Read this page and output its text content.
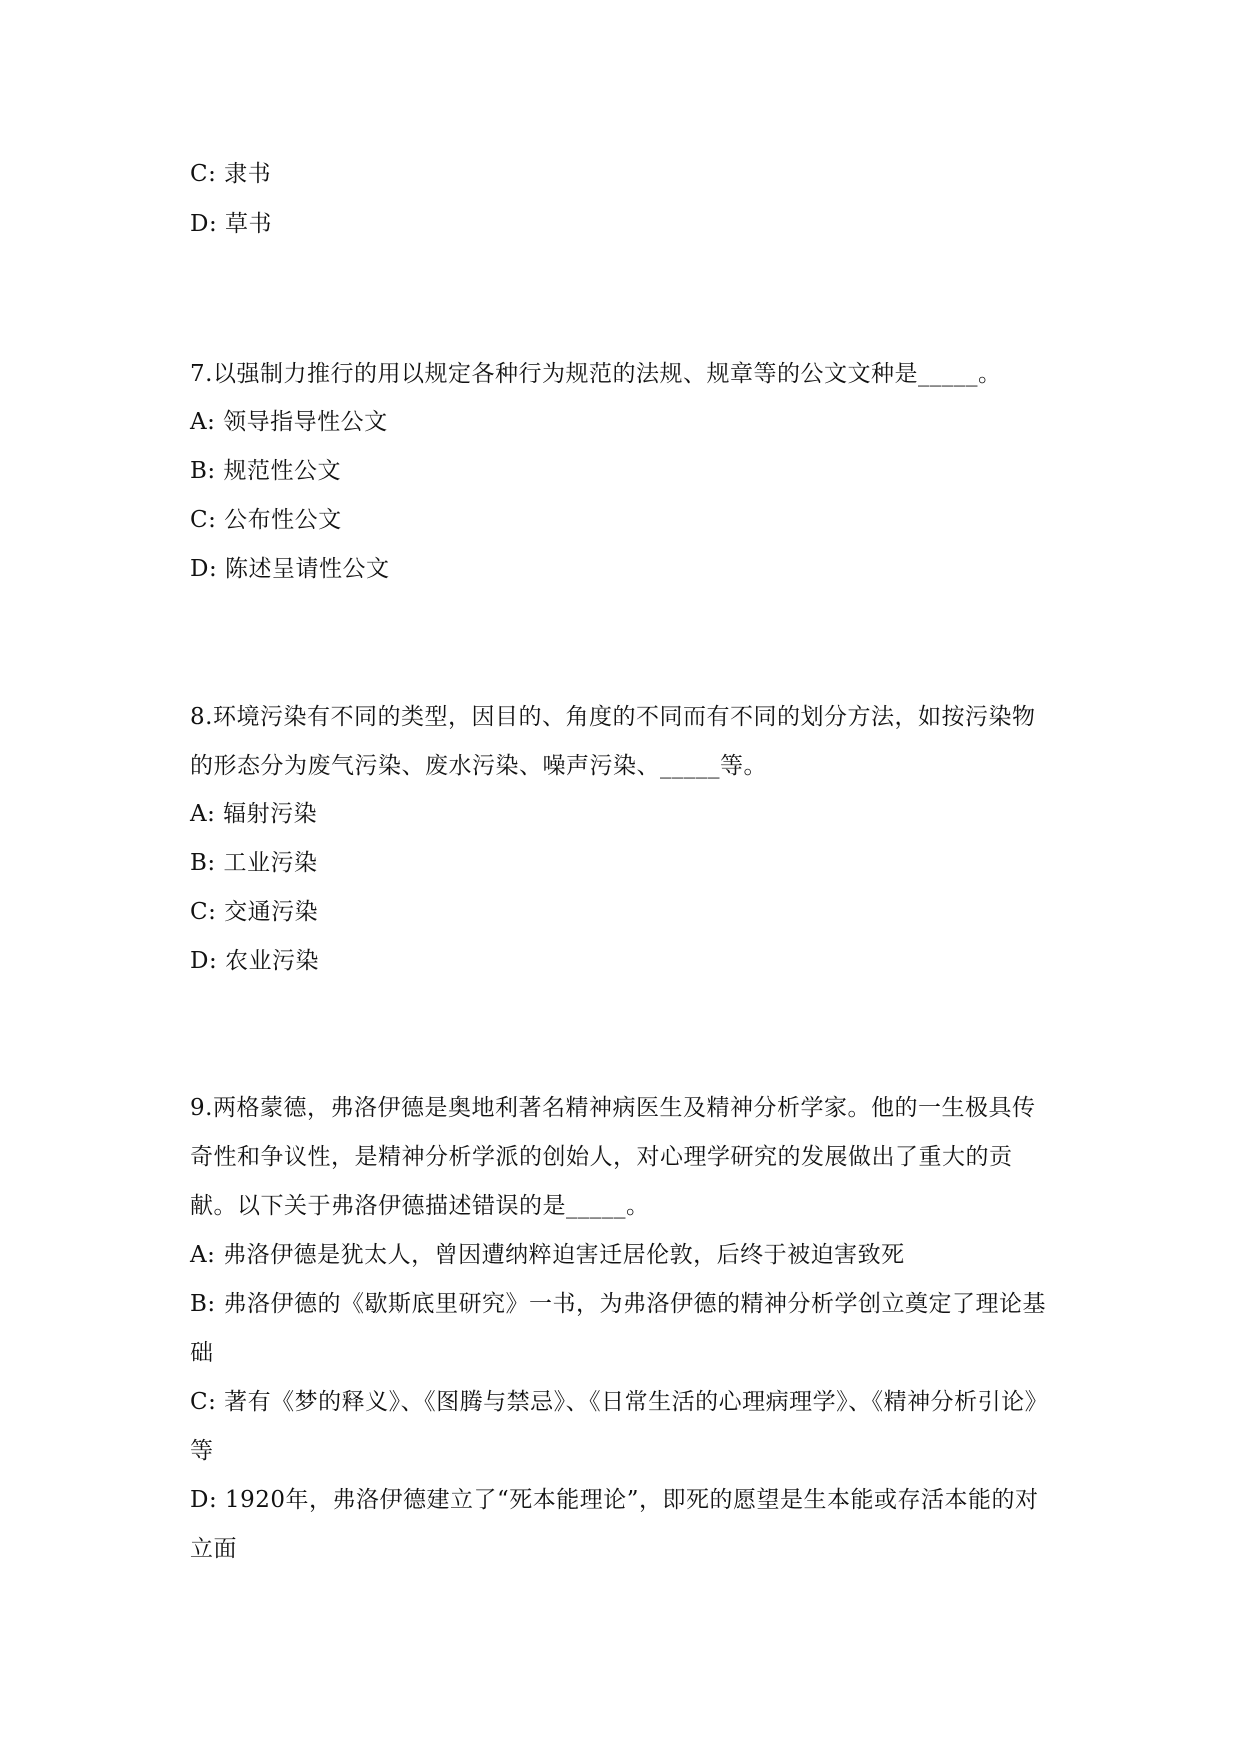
C: 隶书
D: 草书
7.以强制力推行的用以规定各种行为规范的法规、规章等的公文文种是_____。
A: 领导指导性公文
B: 规范性公文
C: 公布性公文
D: 陈述呈请性公文
8.环境污染有不同的类型，因目的、角度的不同而有不同的划分方法，如按污染物的形态分为废气污染、废水污染、噪声污染、_____等。
A: 辐射污染
B: 工业污染
C: 交通污染
D: 农业污染
9.两格蒙德，弗洛伊德是奥地利著名精神病医生及精神分析学家。他的一生极具传奇性和争议性，是精神分析学派的创始人，对心理学研究的发展做出了重大的贡献。以下关于弗洛伊德描述错误的是_____。
A: 弗洛伊德是犹太人，曾因遭纳粹迫害迁居伦敦，后终于被迫害致死
B: 弗洛伊德的《歇斯底里研究》一书，为弗洛伊德的精神分析学创立奠定了理论基础
C: 著有《梦的释义》、《图腾与禁忌》、《日常生活的心理病理学》、《精神分析引论》等
D: 1920年，弗洛伊德建立了“死本能理论”，即死的愿望是生本能或存活本能的对立面
